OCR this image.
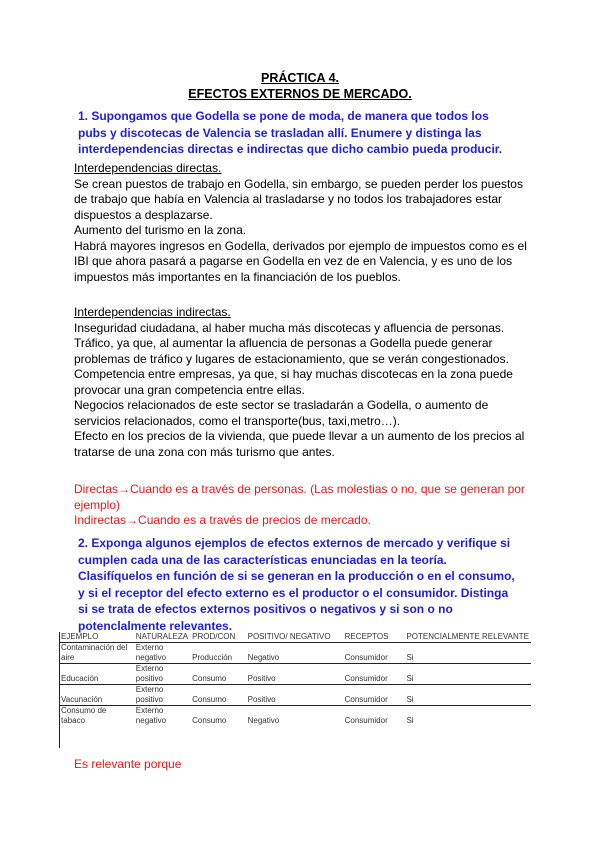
PRÁCTICA 4.
EFECTOS EXTERNOS DE MERCADO.

1. Supongamos que Godella se pone de moda, de manera que todos los pubs y discotecas de Valencia se trasladan allí. Enumere y distinga las interdependencias directas e indirectas que dicho cambio pueda producir.

Interdependencias directas.

Se crean puestos de trabajo en Godella, sin embargo, se pueden perder los puestos de trabajo que había en Valencia al trasladarse y no todos los trabajadores estar dispuestos a desplazarse.

Aumento del turismo en la zona.

Habrá mayores ingresos en Godella, derivados por ejemplo de impuestos como es el IBI que ahora pasará a pagarse en Godella en vez de en Valencia, y es uno de los impuestos más importantes en la financiación de los pueblos.

Interdependencias indirectas.

Inseguridad ciudadana, al haber mucha más discotecas y afluencia de personas.

Tráfico, ya que, al aumentar la afluencia de personas a Godella puede generar problemas de tráfico y lugares de estacionamiento, que se verán congestionados.

Competencia entre empresas, ya que, si hay muchas discotecas en la zona puede provocar una gran competencia entre ellas.

Negocios relacionados de este sector se trasladarán a Godella, o aumento de servicios relacionados, como el transporte(bus, taxi,metro…).

Efecto en los precios de la vivienda, que puede llevar a un aumento de los precios al tratarse de una zona con más turismo que antes.

Directas→Cuando es a través de personas. (Las molestias o no, que se generan por ejemplo)

Indirectas→Cuando es a través de precios de mercado.

2. Exponga algunos ejemplos de efectos externos de mercado y verifique si cumplen cada una de las características enunciadas en la teoría. Clasifíquelos en función de si se generan en la producción o en el consumo, y si el receptor del efecto externo es el productor o el consumidor. Distinga si se trata de efectos externos positivos o negativos y si son o no potenclalmente relevantes.

EJEMPLO	NATURALEZA	PROD/CON	POSITIVO/ NEGATIVO	RECEPTOS	POTENCIALMENTE RELEVANTE
Contaminación del aire	Externo negativo	Producción	Negativo	Consumidor	Si
Educación	Externo positivo	Consumo	Positivo	Consumidor	Si
Vacunación	Externo positivo	Consumo	Positivo	Consumidor	Si
Consumo de tabaco	Externo negativo	Consumo	Negativo	Consumidor	Si
Es relevante porque
